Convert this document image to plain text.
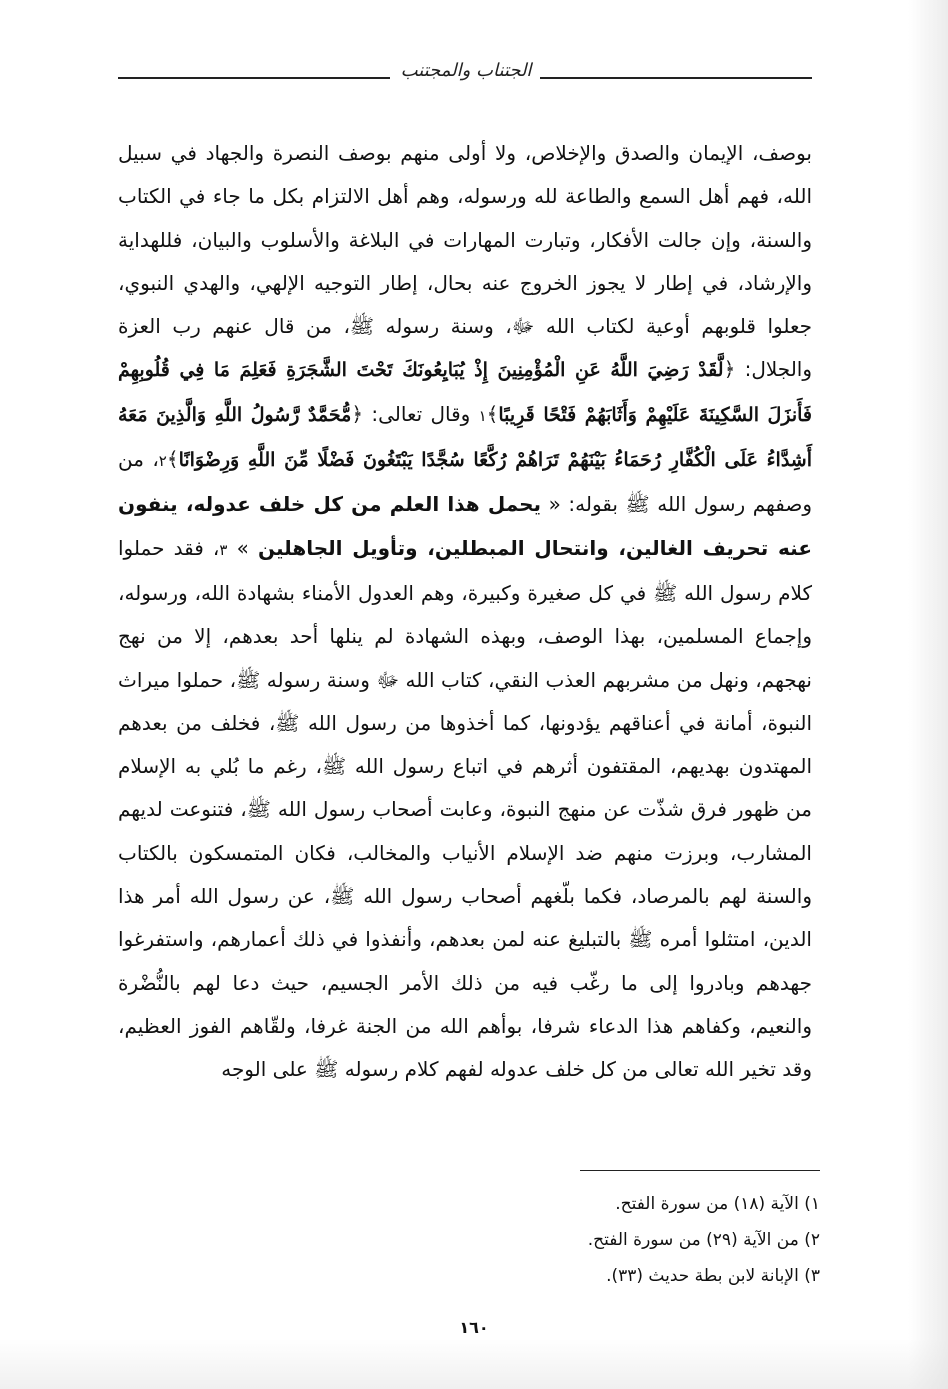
الجتناب والمجتنب

بوصف، الإيمان والصدق والإخلاص، ولا أولى منهم بوصف النصرة والجهاد في سبيل الله، فهم أهل السمع والطاعة لله ورسوله، وهم أهل الالتزام بكل ما جاء في الكتاب والسنة، وإن جالت الأفكار، وتبارت المهارات في البلاغة والأسلوب والبيان، فللهداية والإرشاد، في إطار لا يجوز الخروج عنه بحال، إطار التوجيه الإلهي، والهدي النبوي، جعلوا قلوبهم أوعية لكتاب الله ﷻ، وسنة رسوله ﷺ، من قال عنهم رب العزة والجلال: ﴿لَّقَدْ رَضِيَ اللَّهُ عَنِ الْمُؤْمِنِينَ إِذْ يُبَايِعُونَكَ تَحْتَ الشَّجَرَةِ فَعَلِمَ مَا فِي قُلُوبِهِمْ فَأَنزَلَ السَّكِينَةَ عَلَيْهِمْ وَأَثَابَهُمْ فَتْحًا قَرِيبًا﴾١ وقال تعالى: ﴿مُّحَمَّدٌ رَّسُولُ اللَّهِ وَالَّذِينَ مَعَهُ أَشِدَّاءُ عَلَى الْكُفَّارِ رُحَمَاءُ بَيْنَهُمْ تَرَاهُمْ رُكَّعًا سُجَّدًا يَبْتَغُونَ فَضْلًا مِّنَ اللَّهِ وَرِضْوَانًا﴾٢، من وصفهم رسول الله ﷺ بقوله: « يحمل هذا العلم من كل خلف عدوله، ينفون عنه تحريف الغالين، وانتحال المبطلين، وتأويل الجاهلين » ٣، فقد حملوا كلام رسول الله ﷺ في كل صغيرة وكبيرة، وهم العدول الأمناء بشهادة الله، ورسوله، وإجماع المسلمين، بهذا الوصف، وبهذه الشهادة لم ينلها أحد بعدهم، إلا من نهج نهجهم، ونهل من مشربهم العذب النقي، كتاب الله ﷻ وسنة رسوله ﷺ، حملوا ميراث النبوة، أمانة في أعناقهم يؤدونها، كما أخذوها من رسول الله ﷺ، فخلف من بعدهم المهتدون بهديهم، المقتفون أثرهم في اتباع رسول الله ﷺ، رغم ما بُلي به الإسلام من ظهور فرق شذّت عن منهج النبوة، وعابت أصحاب رسول الله ﷺ، فتنوعت لديهم المشارب، وبرزت منهم ضد الإسلام الأنياب والمخالب، فكان المتمسكون بالكتاب والسنة لهم بالمرصاد، فكما بلّغهم أصحاب رسول الله ﷺ، عن رسول الله أمر هذا الدين، امتثلوا أمره ﷺ بالتبليغ عنه لمن بعدهم، وأنفذوا في ذلك أعمارهم، واستفرغوا جهدهم وبادروا إلى ما رغّب فيه من ذلك الأمر الجسيم، حيث دعا لهم بالنُّضْرة والنعيم، وكفاهم هذا الدعاء شرفا، بوأهم الله من الجنة غرفا، ولقّاهم الفوز العظيم، وقد تخير الله تعالى من كل خلف عدوله لفهم كلام رسوله ﷺ على الوجه

١) الآية (١٨) من سورة الفتح.
٢) من الآية (٢٩) من سورة الفتح.
٣) الإبانة لابن بطة حديث (٣٣).
١٦٠
